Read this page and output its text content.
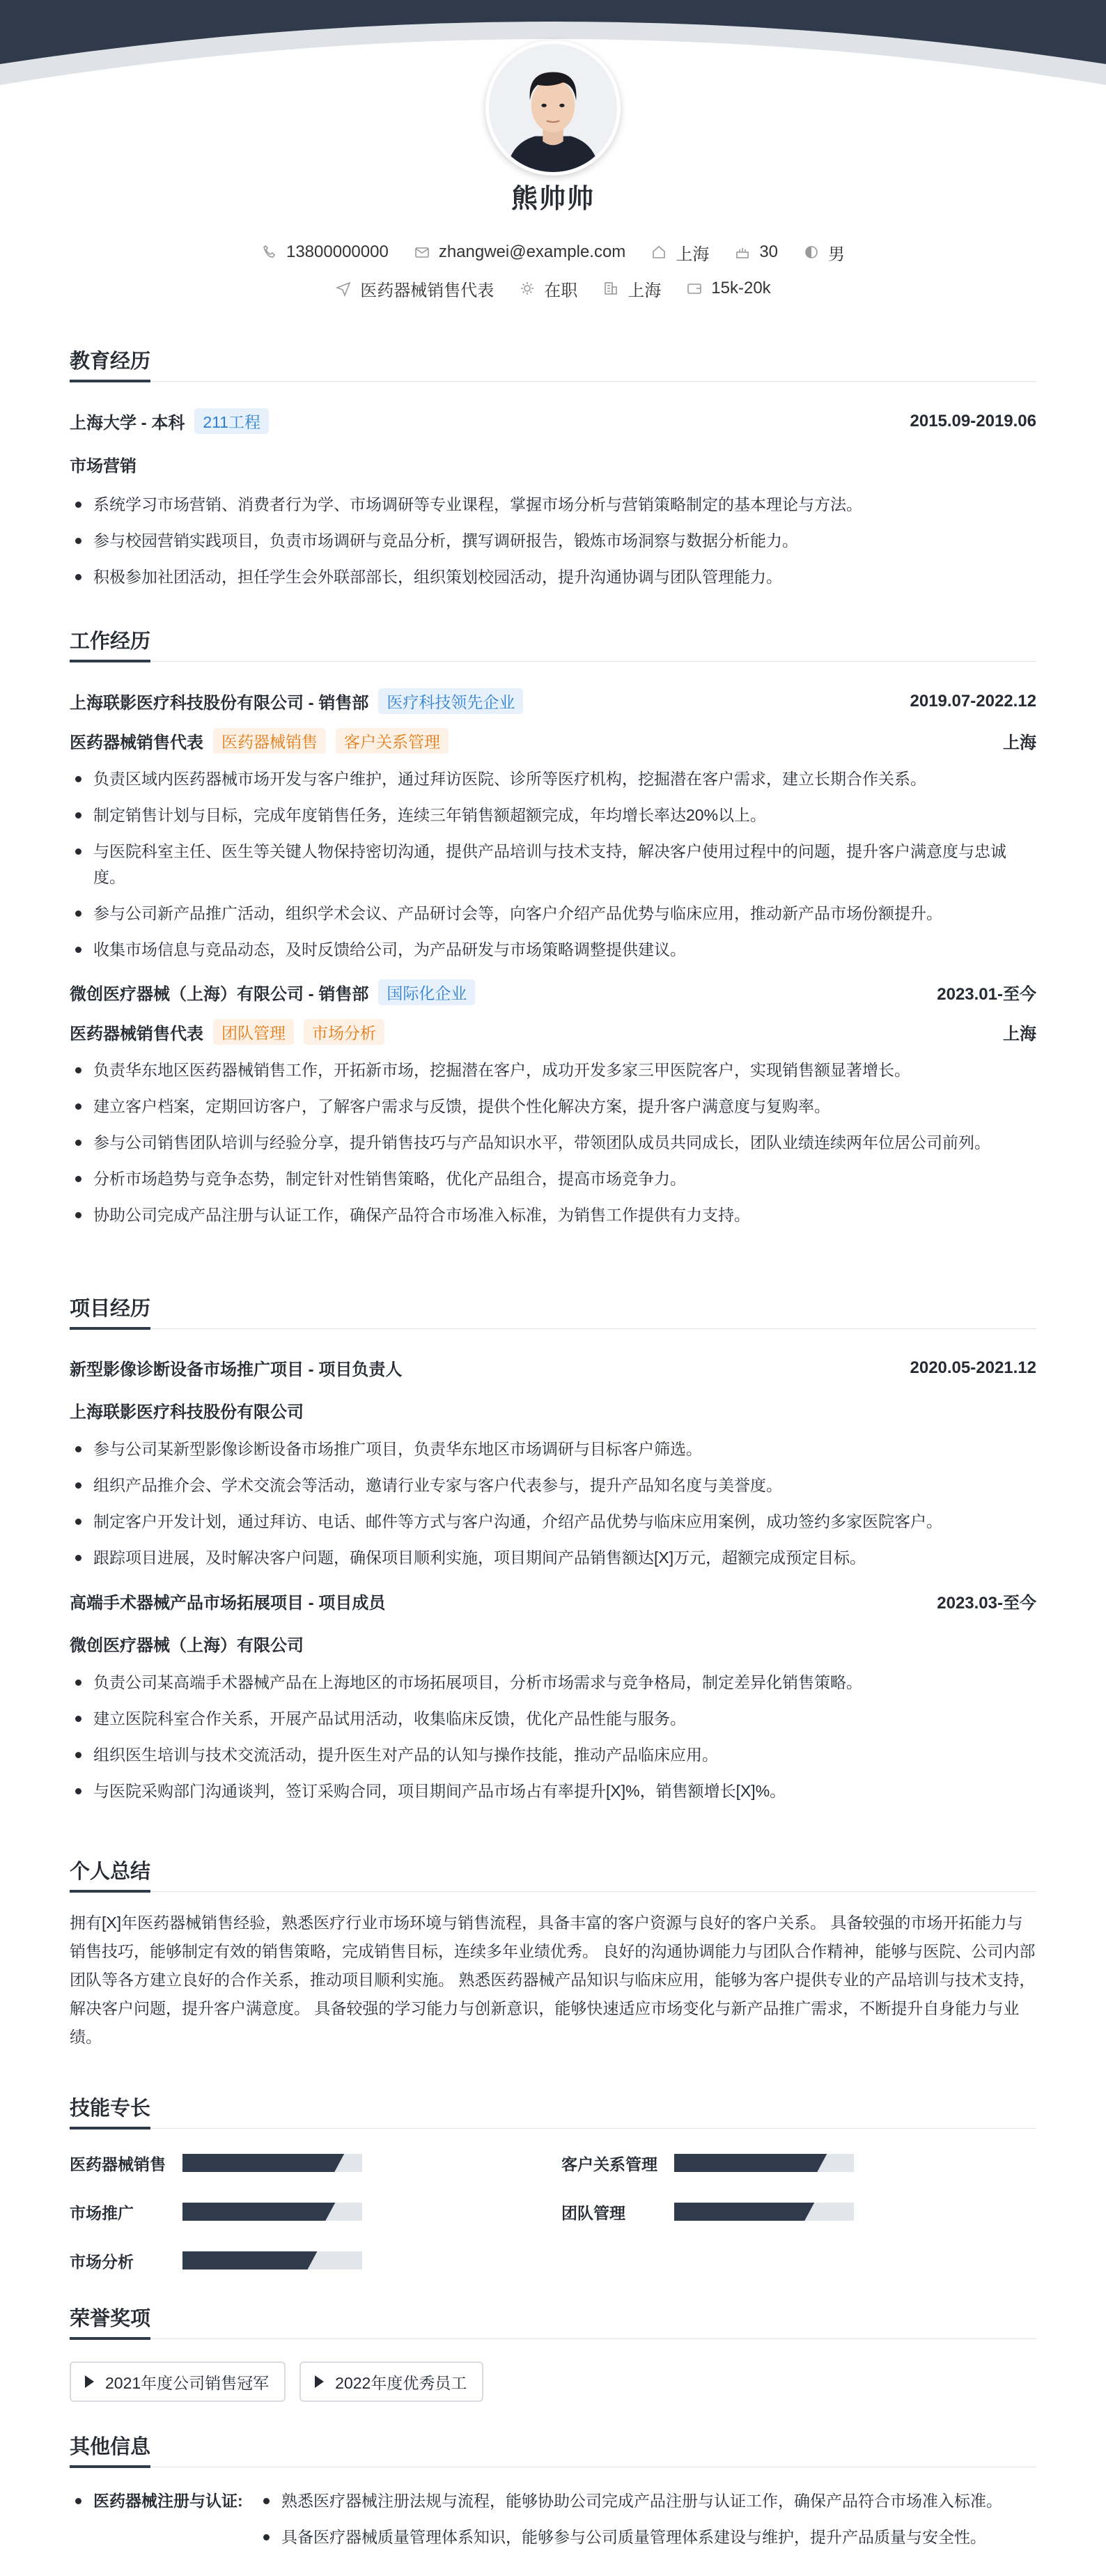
熊帅帅
13800000000	zhangwei@example.com	上海	30	男
医药器械销售代表	在职	上海	15k-20k
教育经历
上海大学 - 本科	211工程	2015.09-2019.06
市场营销
系统学习市场营销、消费者行为学、市场调研等专业课程，掌握市场分析与营销策略制定的基本理论与方法。
参与校园营销实践项目，负责市场调研与竞品分析，撰写调研报告，锻炼市场洞察与数据分析能力。
积极参加社团活动，担任学生会外联部部长，组织策划校园活动，提升沟通协调与团队管理能力。
工作经历
上海联影医疗科技股份有限公司 - 销售部	医疗科技领先企业	2019.07-2022.12
医药器械销售代表	医药器械销售	客户关系管理	上海
负责区域内医药器械市场开发与客户维护，通过拜访医院、诊所等医疗机构，挖掘潜在客户需求，建立长期合作关系。
制定销售计划与目标，完成年度销售任务，连续三年销售额超额完成，年均增长率达20%以上。
与医院科室主任、医生等关键人物保持密切沟通，提供产品培训与技术支持，解决客户使用过程中的问题，提升客户满意度与忠诚度。
参与公司新产品推广活动，组织学术会议、产品研讨会等，向客户介绍产品优势与临床应用，推动新产品市场份额提升。
收集市场信息与竞品动态，及时反馈给公司，为产品研发与市场策略调整提供建议。
微创医疗器械（上海）有限公司 - 销售部	国际化企业	2023.01-至今
医药器械销售代表	团队管理	市场分析	上海
负责华东地区医药器械销售工作，开拓新市场，挖掘潜在客户，成功开发多家三甲医院客户，实现销售额显著增长。
建立客户档案，定期回访客户，了解客户需求与反馈，提供个性化解决方案，提升客户满意度与复购率。
参与公司销售团队培训与经验分享，提升销售技巧与产品知识水平，带领团队成员共同成长，团队业绩连续两年位居公司前列。
分析市场趋势与竞争态势，制定针对性销售策略，优化产品组合，提高市场竞争力。
协助公司完成产品注册与认证工作，确保产品符合市场准入标准，为销售工作提供有力支持。
项目经历
新型影像诊断设备市场推广项目 - 项目负责人	2020.05-2021.12
上海联影医疗科技股份有限公司
参与公司某新型影像诊断设备市场推广项目，负责华东地区市场调研与目标客户筛选。
组织产品推介会、学术交流会等活动，邀请行业专家与客户代表参与，提升产品知名度与美誉度。
制定客户开发计划，通过拜访、电话、邮件等方式与客户沟通，介绍产品优势与临床应用案例，成功签约多家医院客户。
跟踪项目进展，及时解决客户问题，确保项目顺利实施，项目期间产品销售额达[X]万元，超额完成预定目标。
高端手术器械产品市场拓展项目 - 项目成员	2023.03-至今
微创医疗器械（上海）有限公司
负责公司某高端手术器械产品在上海地区的市场拓展项目，分析市场需求与竞争格局，制定差异化销售策略。
建立医院科室合作关系，开展产品试用活动，收集临床反馈，优化产品性能与服务。
组织医生培训与技术交流活动，提升医生对产品的认知与操作技能，推动产品临床应用。
与医院采购部门沟通谈判，签订采购合同，项目期间产品市场占有率提升[X]%，销售额增长[X]%。
个人总结
拥有[X]年医药器械销售经验，熟悉医疗行业市场环境与销售流程，具备丰富的客户资源与良好的客户关系。 具备较强的市场开拓能力与销售技巧，能够制定有效的销售策略，完成销售目标，连续多年业绩优秀。 良好的沟通协调能力与团队合作精神，能够与医院、公司内部团队等各方建立良好的合作关系，推动项目顺利实施。 熟悉医药器械产品知识与临床应用，能够为客户提供专业的产品培训与技术支持，解决客户问题，提升客户满意度。 具备较强的学习能力与创新意识，能够快速适应市场变化与新产品推广需求，不断提升自身能力与业绩。
技能专长
医药器械销售	客户关系管理
市场推广	团队管理
市场分析
荣誉奖项
2021年度公司销售冠军	2022年度优秀员工
其他信息
医药器械注册与认证:	熟悉医疗器械注册法规与流程，能够协助公司完成产品注册与认证工作，确保产品符合市场准入标准。
具备医疗器械质量管理体系知识，能够参与公司质量管理体系建设与维护，提升产品质量与安全性。
